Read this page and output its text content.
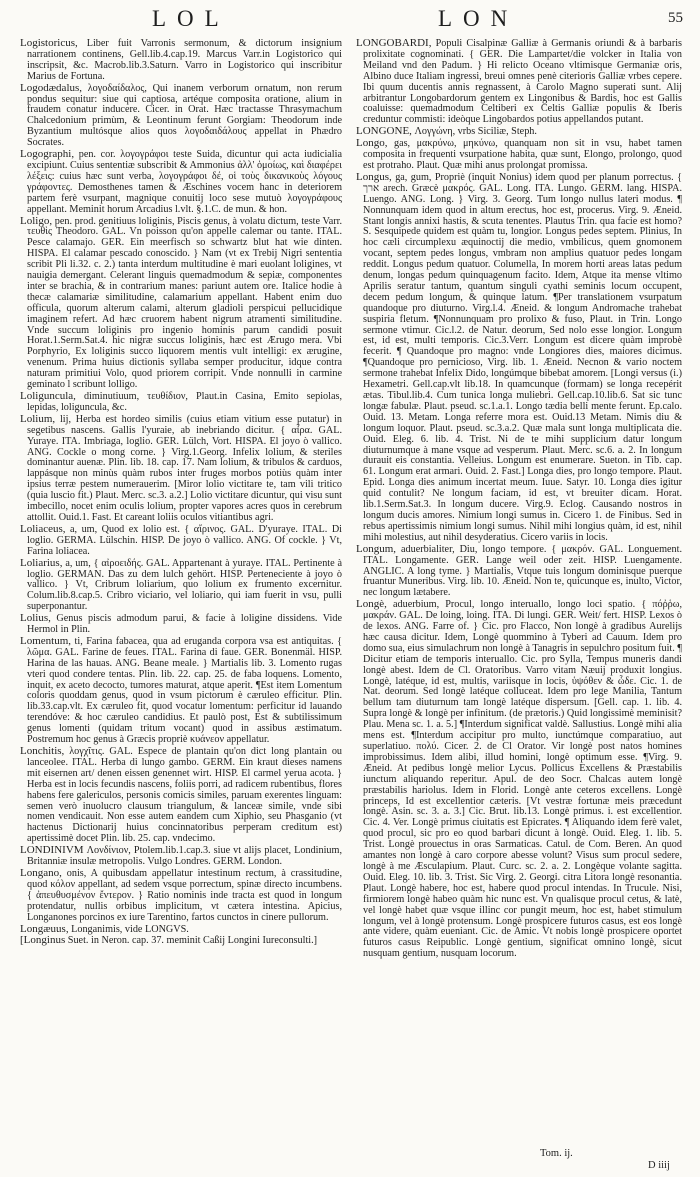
LOL	LON	55

Logistoricus, Liber fuit Varronis sermonum, & dictorum insignium narrationem continens, Gell.lib.4.cap.19. Marcus Varr.in Logistorico qui inscripsit, &c. Macrob.lib.3.Saturn. Varro in Logistorico qui inscribitur Marius de Fortuna.

Logodædalus, λογοδαίδαλος, Qui inanem verborum ornatum, non rerum pondus sequitur: siue qui captiosa, artéque composita oratione, alium in fraudem conatur inducere. Cicer. in Orat. Hæc tractasse Thrasymachum Chalcedonium primùm, & Leontinum ferunt Gorgiam: Theodorum inde Byzantium multósque alios quos λογοδαιδάλους appellat in Phædro Socrates.

Logographi, pen. cor. λογογράφοι teste Suida, dicuntur qui acta iudicialia excipiunt. Cuius sententiæ subscribit & Ammonius ἀλλ' ὁμοίως, καὶ διαφέρει λέξεις: cuius hæc sunt verba, λογογράφοι δέ, οἱ τοὺς δικανικοὺς λόγους γράφοντες. Demosthenes tamen & Æschines vocem hanc in deteriorem partem ferè vsurpant, magnique conuitij loco sese mutuò λογογράφους appellant. Meminit horum Arcadius l.vlt. §.1.C. de mun. & hon.

Loligo, pen. prod. genitiuus loliginis, Piscis genus, à volatu dictum, teste Varr. τευθὶς Theodoro. GAL. Vn poisson qu'on appelle calemar ou tante. ITAL. Pesce calamajo. GER. Ein meerfisch so schwartz blut hat wie dinten. HISPA. El calamar pescado conoscido. } Nam (vt ex Trebij Nigri sententia scribit Pli li.32. c. 2.) tanta interdum multitudine è mari euolant loligines, vt nauigia demergant. Celerant linguis quemadmodum & sepiæ, componentes inter se brachia, & in contrarium manes: pariunt autem ore. Italice hodie à thecæ calamariæ similitudine, calamarium appellant. Habent enim duo officula, quorum alterum calami, alterum gladioli perspicui pellucidique imaginem refert. Ad hæc cruorem habent nigrum atramenti similitudine. Vnde succum loliginis pro ingenio hominis parum candidi posuit Horat.1.Serm.Sat.4. hic nigræ succus loliginis, hæc est Ærugo mera. Vbi Porphyrio, Ex loliginis succo liquorem mentis vult intelligi: ex ærugine, venenum. Prima huius dictionis syllaba semper producitur, idque contra naturam primitiui Volo, quod priorem corripit. Vnde nonnulli in carmine geminato l scribunt lolligo.

Loliguncula, diminutiuum, τευθίδιον, Plaut.in Casina, Emito sepiolas, lepidas, loliguncula, &c.

Lolium, lij, Herba est hordeo similis (cuius etiam vitium esse putatur) in segetibus nascens. Gallis l'yuraie, ab inebriando dicitur. { αἶρα. GAL. Yuraye. ITA. Imbriaga, loglio. GER. Lülch, Vort. HISPA. El joyo ò vallico. ANG. Cockle o mong corne. } Virg.1.Georg. Infelix lolium, & steriles dominantur auenæ. Plin. lib. 18. cap. 17. Nam lolium, & tribulos & carduos, lappásque non minùs quàm rubos inter fruges morbos potiùs quàm inter ipsius terræ pestem numerauerim. [Miror lolio victitare te, tam vili tritico (quia luscio fit.) Plaut. Merc. sc.3. a.2.] Lolio victitare dicuntur, qui visu sunt imbecillo, nocet enim oculis lolium, propter vapores acres quos in cerebrum attollit. Ouid.1. Fast. Et careant loliis oculos vitiantibus agri.

Loliaceus, a, um, Quod ex lolio est. { αἴρινος. GAL. D'yuraye. ITAL. Di loglio. GERMA. Lülschin. HISP. De joyo ò vallico. ANG. Of cockle. } Vt, Farina loliacea.

Loliarius, a, um, { αἰροειδής. GAL. Appartenant à yuraye. ITAL. Pertinente à loglio. GERMAN. Das zu dem lulch gehört. HISP. Perteneciente à joyo ò vallico. } Vt, Cribrum loliarium, quo lolium ex frumento excernitur. Colum.lib.8.cap.5. Cribro viciario, vel loliario, qui iam fuerit in vsu, pulli superponantur.

Lolius, Genus piscis admodum parui, & facie à loligine dissidens. Vide Hermol in Plin.

Lomentum, ti, Farina fabacea, qua ad eruganda corpora vsa est antiquitas. { λῶμα. GAL. Farine de feues. ITAL. Farina di faue. GER. Bonenmäl. HISP. Harina de las hauas. ANG. Beane meale. } Martialis lib. 3. Lomento rugas vteri quod condere tentas. Plin. lib. 22. cap. 25. de faba loquens. Lomento, inquit, ex aceto decocto, tumores maturat, atque aperit. ¶Est item Lomentum coloris quoddam genus, quod in vsum pictorum è cæruleo efficitur. Plin. lib.33.cap.vlt. Ex cæruleo fit, quod vocatur lomentum: perficitur id lauando terendóve: & hoc cæruleo candidius. Et paulò post, Est & subtilissimum genus lomenti (quidam tritum vocant) quod in assibus æstimatum. Postremum hoc genus à Græcis propriè κυάνεον appellatur.

Lonchitis, λογχῖτις. GAL. Espece de plantain qu'on dict long plantain ou lanceolee. ITAL. Herba di lungo gambo. GERM. Ein kraut dieses namens mit eisernen art/ denen eissen genennet wirt. HISP. El carmel yerua acota. } Herba est in locis fecundis nascens, foliis porri, ad radicem rubentibus, flores habens fere galericulos, personis comicis similes, paruam exerentes linguam: semen verò inuolucro clausum triangulum, & lanceæ simile, vnde sibi nomen vendicauit. Non esse autem eandem cum Xiphio, seu Phasganio (vt hactenus Dictionarij huius concinnatoribus perperam creditum est) apertissimè docet Plin. lib. 25. cap. vndecimo.

LONDINIVM Λονδίνιον, Ptolem.lib.1.cap.3. siue vt alijs placet, Londinium, Britanniæ insulæ metropolis. Vulgo Londres. GERM. London.

Longano, onis, A quibusdam appellatur intestinum rectum, à crassitudine, quod κόλον appellant, ad sedem vsque porrectum, spinæ directo incumbens. { ἀπευθυσμένον ἔντερον. } Ratio nominis inde tracta est quod in longum protendatur, nullis orbibus implicitum, vt cætera intestina. Apicius, Longanones porcinos ex iure Tarentino, fartos cunctos in cinere pullorum.

Longæuus, Longanimis, vide LONGVS.

[Longinus Suet. in Neron. cap. 37. meminit Caßij Longini Iureconsulti.]

LONGOBARDI, Populi Cisalpinæ Galliæ à Germanis oriundi & à barbaris prolixitate cognominati. { GER. Die Lampartet/die volcker in Italia von Meiland vnd den Padum. } Hi relicto Oceano vltimisque Germaniæ oris, Albino duce Italiam ingressi, breui omnes penè citerioris Galliæ vrbes cepere. Ibi quum ducentis annis regnassent, à Carolo Magno superati sunt. Alij arbitrantur Longobardorum gentem ex Lingonibus & Bardis, hoc est Gallis coaluisse: quemadmodum Celtiberi ex Celtis Galliæ populis & Iberis creduntur commisti: ideòque Lingobardos potius appellandos putant.

LONGONE, Λογγώνη, vrbs Siciliæ, Steph.

Longo, gas, μακρύνω, μηκύνω, quanquam non sit in vsu, habet tamen composita in frequenti vsurpatione habita, quæ sunt, Elongo, prolongo, quod est protraho. Plaut. Quæ mihi anus prolongat promissa.

Longus, ga, gum, Propriè (inquit Nonius) idem quod per planum porrectus. { ארך arech. Græcè μακρός. GAL. Long. ITA. Lungo. GERM. lang. HISPA. Luengo. ANG. Long. } Virg. 3. Georg. Tum longo nullus lateri modus. ¶ Nonnunquam idem quod in altum erectus, hoc est, procerus. Virg. 9. Æneid. Stant longis annixi hastis, & scuta tenentes. Plautus Trin. qua facie est homo? S. Sesquipede quidem est quàm tu, longior. Longus pedes septem. Plinius, In hoc cæli circumplexu æquinoctij die medio, vmbilicus, quem gnomonem vocant, septem pedes longus, vmbram non amplius quatuor pedes longam reddit. Longus pedum quatuor. Columella, In morem horti areas latas pedum denum, longas pedum quinquagenum facito. Idem, Atque ita mense vltimo Aprilis seratur tantum, quantum singuli cyathi seminis locum occupent, decem pedum longum, & quinque latum. ¶Per translationem vsurpatum quandoque pro diuturno. Virg.l.4. Æneid. & longum Andromache trahebat suspiria fletum. ¶Nonnunquam pro prolixo & fuso, Plaut. in Trin. Longo sermone vtimur. Cic.l.2. de Natur. deorum, Sed nolo esse longior. Longum est, id est, multi temporis. Cic.3.Verr. Longum est dicere quàm improbè fecerit. ¶ Quandoque pro magno: vnde Longiores dies, maiores dicimus. ¶Quandoque pro pernicioso, Virg. lib. 1. Æneid. Necnon & vario noctem sermone trahebat Infelix Dido, longúmque bibebat amorem. [Longi versus (i.) Hexametri. Gell.cap.vlt lib.18. In quamcunque (formam) se longa recepérit ætas. Tibul.lib.4. Cum tunica longa muliebri. Gell.cap.10.lib.6. Sat sic tunc longæ fabulæ. Plaut. pseud. sc.1.a.1. Longo tædia belli mente ferunt. Ep.calo. Ouid. 13. Metam. Longa referre mora est. Ouid.13 Metam. Nimis diu & longum loquor. Plaut. pseud. sc.3.a.2. Quæ mala sunt longa multiplicata die. Ouid. Eleg. 6. lib. 4. Trist. Ni de te mihi supplicium datur longum diuturnumque à mane vsque ad vesperum. Plaut. Merc. sc.6. a. 2. In longum durauit eis constantia. Velleius. Longum est enumerare. Sueton. in Tib. cap. 61. Longum erat armari. Ouid. 2. Fast.] Longa dies, pro longo tempore. Plaut. Epid. Longa dies animum incertat meum. Iuue. Satyr. 10. Longa dies igitur quid contulit? Ne longum faciam, id est, vt breuiter dicam. Horat. lib.1.Serm.Sat.3. In longum ducere. Virg.9. Eclog. Causando nostros in longum ducis amores. Nimium longi sumus in. Cicero 1. de Finibus. Sed in rebus apertissimis nimium longi sumus. Nihil mihi longius quàm, id est, nihil mihi molestius, aut nihil desyderatius. Cicero variis in locis.

Longum, aduerbialiter, Diu, longo tempore. { μακρόν. GAL. Longuement. ITAL. Longamente. GER. Lange weil oder zeit. HISP. Luengamente. ANGLIC. A long tyme. } Martialis, Vtque tuis longum dominisque puerque fruantur Muneribus. Virg. lib. 10. Æneid. Non te, quicunque es, inulto, Victor, nec longum lætabere.

Longè, aduerbium, Procul, longo interuallo, longo loci spatio. { πόῤῥω, μακράν. GAL. De loing, loing. ITA. Di lungi. GER. Weit/ fert. HISP. Lexos ò de lexos. ANG. Farre of. } Cic. pro Flacco, Non longè à gradibus Aurelijs hæc causa dicitur. Idem, Longè quommino à Tyberi ad Cauum. Idem pro domo sua, eius simulachrum non longè à Tanagris in sepulchro positum fuit. ¶ Dicitur etiam de temporis interuallo. Cic. pro Sylla, Tempus muneris dandi longè abest. Idem de Cl. Oratoribus. Varro vitam Næuij produxit longius. Longè, latéque, id est, multis, variisque in locis, ὑψόθεν & ὧδε. Cic. 1. de Nat. deorum. Sed longè latéque colluceat. Idem pro lege Manilia, Tantum bellum tam diuturnum tam longè latéque dispersum. [Gell. cap. 1. lib. 4. Supra longè & longè per infinitum. (de prætoris.) Quid longissimè meminisit? Plau. Mena sc. 1. a. 5.] ¶Interdum significat valdè. Sallustius. Longè mihi alia mens est. ¶Interdum accipitur pro multo, iunctúmque comparatiuo, aut superlatiuo. πολύ. Cicer. 2. de Cl Orator. Vir longè post natos homines improbissimus. Idem alibi, illud homini, longè optimum esse. ¶Virg. 9. Æneid. At pedibus longè melior Lycus. Pollicus Excellens & Præstabilis iunctum aliquando reperitur. Apul. de deo Socr. Chalcas autem longè præstabilis hariolus. Idem in Florid. Longè ante ceteros excellens. Longè princeps, Id est excellentior cæteris. [Vt vestræ fortunæ meis præcedunt longè. Asin. sc. 3. a. 3.] Cic. Brut. lib.13. Longè primus. i. est excellentior. Cic. 4. Ver. Longè primus ciuitatis est Epicrates. ¶ Aliquando idem ferè valet, quod procul, sic pro eo quod barbari dicunt à longè. Ouid. Eleg. 1. lib. 5. Trist. Longè prouectus in oras Sarmaticas. Catul. de Com. Beren. An quod amantes non longè à caro corpore abesse volunt? Visus sum procul sedere, longè à me Æsculapium. Plaut. Curc. sc. 2. a. 2. Longèque volante sagitta. Ouid. Eleg. 10. lib. 3. Trist. Sic Virg. 2. Georgi. citra Litora longè resonantia. Plaut. Longè habere, hoc est, habere quod procul intendas. In Trucule. Nisi, firmiorem longè habeo quàm hic nunc est. Vn qualisque procul cetus, & latè, vel longè habet quæ vsque illinc cor pungit meum, hoc est, habet stimulum longum, vel à longè protensum. Longè prospicere futuros casus, est eos longè ante videre, quàm eueniant. Cic. de Amic. Vt nobis longè prospicere oportet futuros casus Reipublic. Longè gentium, significat omnino longè, sicut nusquam gentium, nusquam locorum.

Tom. ij.
D iiij
